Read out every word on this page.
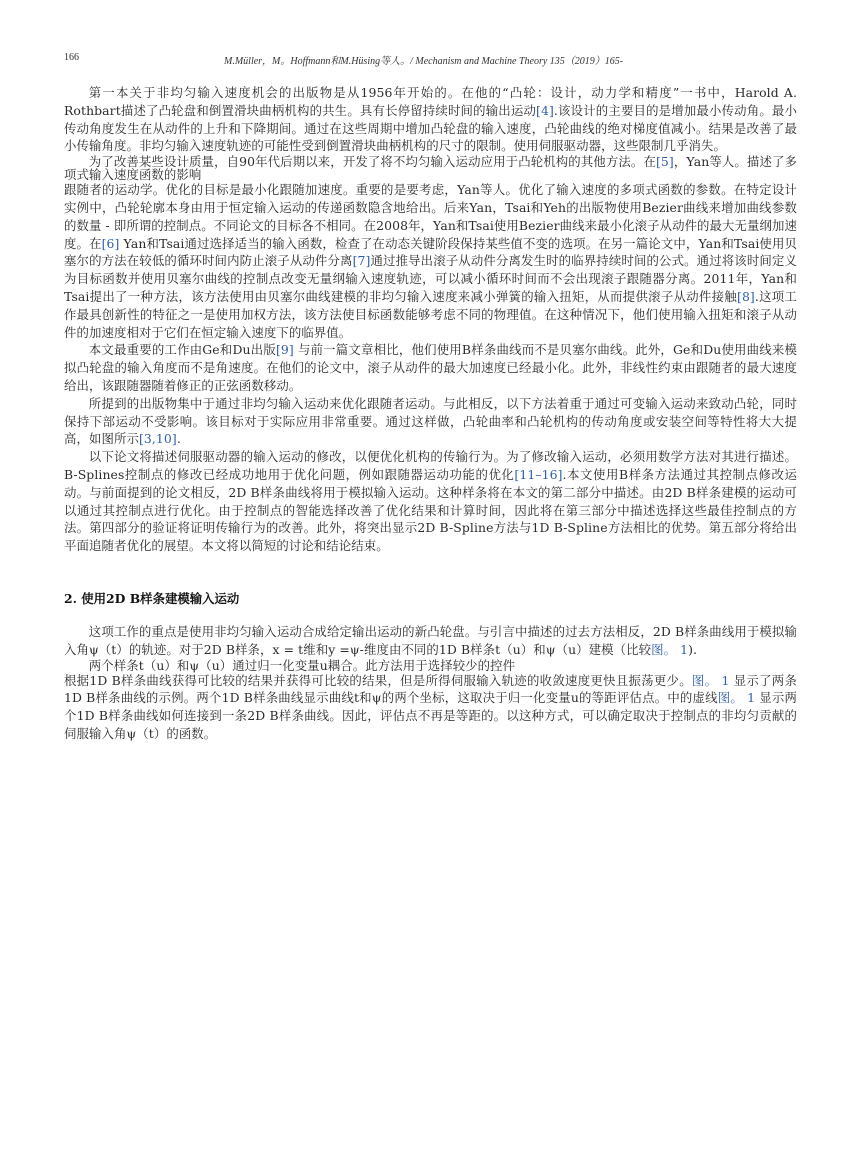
166	M.Müller，M。Hoffmann和M.Hüsing等人。/ Mechanism and Machine Theory 135（2019）165-

第一本关于非均匀输入速度机会的出版物是从1956年开始的。在他的“凸轮：设计，动力学和精度”一书中，Harold A. Rothbart描述了凸轮盘和倒置滑块曲柄机构的共生。具有长停留持续时间的输出运动[4].该设计的主要目的是增加最小传动角。最小传动角度发生在从动件的上升和下降期间。通过在这些周期中增加凸轮盘的输入速度，凸轮曲线的绝对梯度值减小。结果是改善了最小传输角度。非均匀输入速度轨迹的可能性受到倒置滑块曲柄机构的尺寸的限制。使用伺服驱动器，这些限制几乎消失。

为了改善某些设计质量，自90年代后期以来，开发了将不均匀输入运动应用于凸轮机构的其他方法。在[5]，Yan等人。描述了多项式输入速度函数的影响

跟随者的运动学。优化的目标是最小化跟随加速度。重要的是要考虑，Yan等人。优化了输入速度的多项式函数的参数。在特定设计实例中，凸轮轮廓本身由用于恒定输入运动的传递函数隐含地给出。后来Yan，Tsai和Yeh的出版物使用Bezier曲线来增加曲线参数的数量 - 即所谓的控制点。不同论文的目标各不相同。在2008年，Yan和Tsai使用Bezier曲线来最小化滚子从动件的最大无量纲加速度。在[6] Yan和Tsai通过选择适当的输入函数，检查了在动态关键阶段保持某些值不变的选项。在另一篇论文中，Yan和Tsai使用贝塞尔的方法在较低的循环时间内防止滚子从动件分离[7]通过推导出滚子从动件分离发生时的临界持续时间的公式。通过将该时间定义为目标函数并使用贝塞尔曲线的控制点改变无量纲输入速度轨迹，可以减小循环时间而不会出现滚子跟随器分离。2011年，Yan和Tsai提出了一种方法，该方法使用由贝塞尔曲线建模的非均匀输入速度来减小弹簧的输入扭矩，从而提供滚子从动件接触[8].这项工作最具创新性的特征之一是使用加权方法，该方法使目标函数能够考虑不同的物理值。在这种情况下，他们使用输入扭矩和滚子从动件的加速度相对于它们在恒定输入速度下的临界值。

本文最重要的工作由Ge和Du出版[9] 与前一篇文章相比，他们使用B样条曲线而不是贝塞尔曲线。此外，Ge和Du使用曲线来模拟凸轮盘的输入角度而不是角速度。在他们的论文中，滚子从动件的最大加速度已经最小化。此外，非线性约束由跟随者的最大速度给出，该跟随器随着修正的正弦函数移动。

所提到的出版物集中于通过非均匀输入运动来优化跟随者运动。与此相反，以下方法着重于通过可变输入运动来致动凸轮，同时保持下部运动不受影响。该目标对于实际应用非常重要。通过这样做，凸轮曲率和凸轮机构的传动角度或安装空间等特性将大大提高，如图所示[3,10].

以下论文将描述伺服驱动器的输入运动的修改，以便优化机构的传输行为。为了修改输入运动，必须用数学方法对其进行描述。B-Splines控制点的修改已经成功地用于优化问题，例如跟随器运动功能的优化[11–16].本文使用B样条方法通过其控制点修改运动。与前面提到的论文相反，2D B样条曲线将用于模拟输入运动。这种样条将在本文的第二部分中描述。由2D B样条建模的运动可以通过其控制点进行优化。由于控制点的智能选择改善了优化结果和计算时间，因此将在第三部分中描述选择这些最佳控制点的方法。第四部分的验证将证明传输行为的改善。此外，将突出显示2D B-Spline方法与1D B-Spline方法相比的优势。第五部分将给出平面追随者优化的展望。本文将以简短的讨论和结论结束。

2. 使用2D B样条建模输入运动

这项工作的重点是使用非均匀输入运动合成给定输出运动的新凸轮盘。与引言中描述的过去方法相反，2D B样条曲线用于模拟输入角ψ（t）的轨迹。对于2D B样条，x = t维和y =ψ-维度由不同的1D B样条t（u）和ψ（u）建模（比较图。 1).

两个样条t（u）和ψ（u）通过归一化变量u耦合。此方法用于选择较少的控件

根据1D B样条曲线获得可比较的结果并获得可比较的结果，但是所得伺服输入轨迹的收敛速度更快且振荡更少。图。 1 显示了两条1D B样条曲线的示例。两个1D B样条曲线显示曲线t和ψ的两个坐标，这取决于归一化变量u的等距评估点。中的虚线图。 1 显示两个1D B样条曲线如何连接到一条2D B样条曲线。因此，评估点不再是等距的。以这种方式，可以确定取决于控制点的非均匀贡献的伺服输入角ψ（t）的函数。
